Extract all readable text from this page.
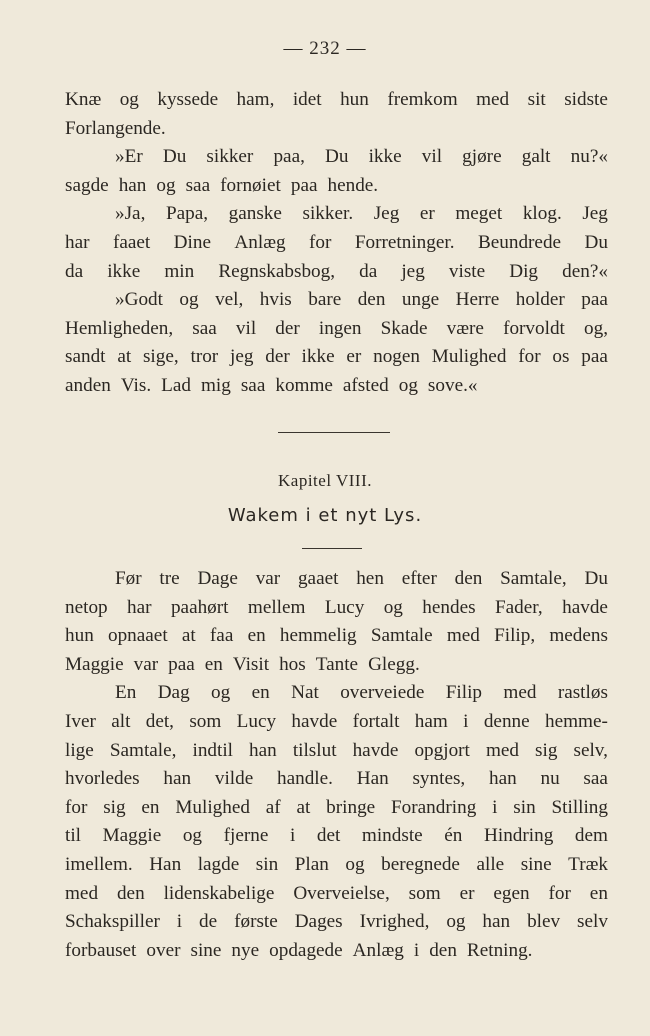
— 232 —
Knæ og kyssede ham, idet hun fremkom med sit sidste
Forlangende.
»Er Du sikker paa, Du ikke vil gjøre galt nu?«
sagde han og saa fornøiet paa hende.
»Ja, Papa, ganske sikker. Jeg er meget klog. Jeg
har faaet Dine Anlæg for Forretninger. Beundrede Du
da ikke min Regnskabsbog, da jeg viste Dig den?«
»Godt og vel, hvis bare den unge Herre holder paa
Hemligheden, saa vil der ingen Skade være forvoldt og,
sandt at sige, tror jeg der ikke er nogen Mulighed for os paa
anden Vis. Lad mig saa komme afsted og sove.«
Kapitel VIII.
Wakem i et nyt Lys.
Før tre Dage var gaaet hen efter den Samtale, Du
netop har paahørt mellem Lucy og hendes Fader, havde
hun opnaaet at faa en hemmelig Samtale med Filip, medens
Maggie var paa en Visit hos Tante Glegg.
En Dag og en Nat overveiede Filip med rastløs
Iver alt det, som Lucy havde fortalt ham i denne hemme-
lige Samtale, indtil han tilslut havde opgjort med sig selv,
hvorledes han vilde handle. Han syntes, han nu saa
for sig en Mulighed af at bringe Forandring i sin Stilling
til Maggie og fjerne i det mindste én Hindring dem
imellem. Han lagde sin Plan og beregnede alle sine Træk
med den lidenskabelige Overveielse, som er egen for en
Schakspiller i de første Dages Ivrighed, og han blev selv
forbauset over sine nye opdagede Anlæg i den Retning.
